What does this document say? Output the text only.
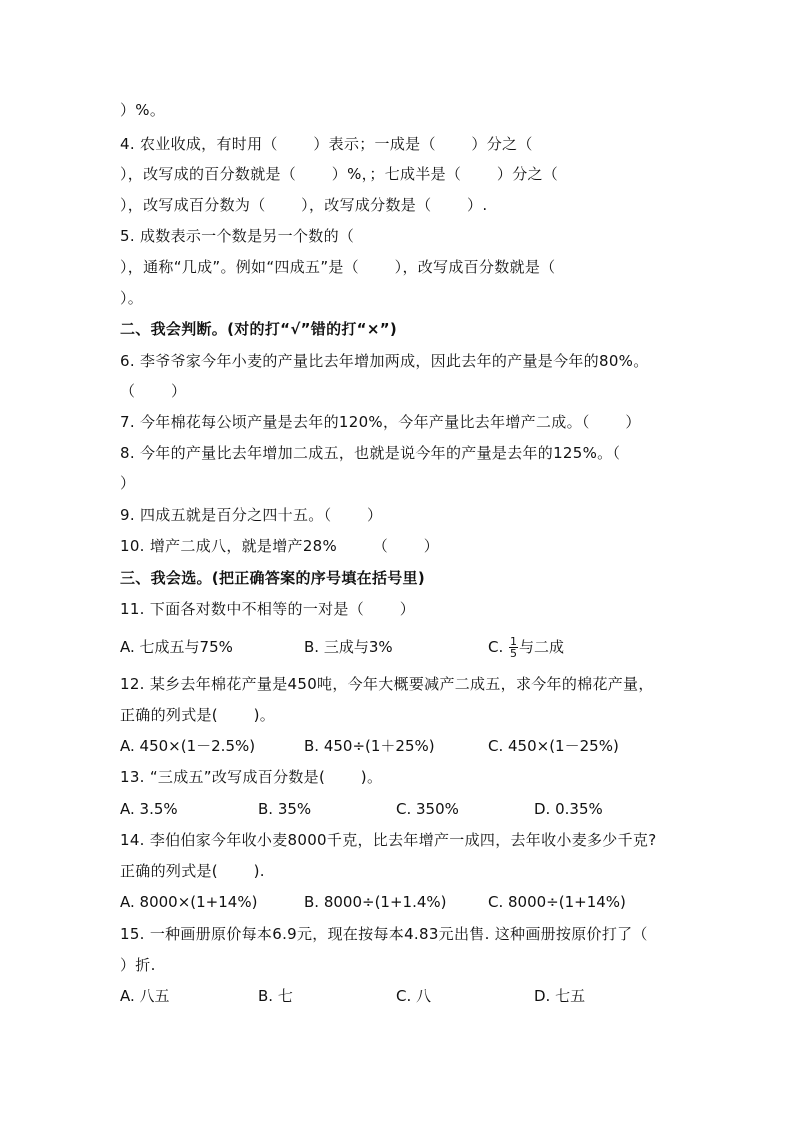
）%。
4. 农业收成，有时用（　　 ）表示；一成是（　　 ）分之（
），改写成的百分数就是（　　 ）%，；七成半是（　　 ）分之（
），改写成百分数为（　　 ），改写成分数是（　　 ）.
5. 成数表示一个数是另一个数的（
），通称“几成”。例如“四成五”是（　　 ），改写成百分数就是（
）。
二、我会判断。(对的打“√”错的打“×”)
6. 李爷爷家今年小麦的产量比去年增加两成，因此去年的产量是今年的80%。
（　　 ）
7. 今年棉花每公顷产量是去年的120%，今年产量比去年增产二成。（　　 ）
8. 今年的产量比去年增加二成五，也就是说今年的产量是去年的125%。（
）
9. 四成五就是百分之四十五。（　　 ）
10. 增产二成八，就是增产28%　　 （　　 ）
三、我会选。(把正确答案的序号填在括号里)
11. 下面各对数中不相等的一对是（　　 ）
A. 七成五与75%	B. 三成与3%	C. $\frac{1}{5}$ 与二成
12. 某乡去年棉花产量是450吨，今年大概要减产二成五，求今年的棉花产量，
正确的列式是(　　 )。
A. 450×(1－2.5%)	B. 450÷(1＋25%)	C. 450×(1－25%)
13. “三成五”改写成百分数是(　　 )。
A. 3.5%	B. 35%	C. 350%	D. 0.35%
14. 李伯伯家今年收小麦8000千克，比去年增产一成四，去年收小麦多少千克?
正确的列式是(　　 ).
A. 8000×(1+14%)	B. 8000÷(1+1.4%)	C. 8000÷(1+14%)
15. 一种画册原价每本6.9元，现在按每本4.83元出售. 这种画册按原价打了（
）折.
A. 八五	B. 七	C. 八	D. 七五
